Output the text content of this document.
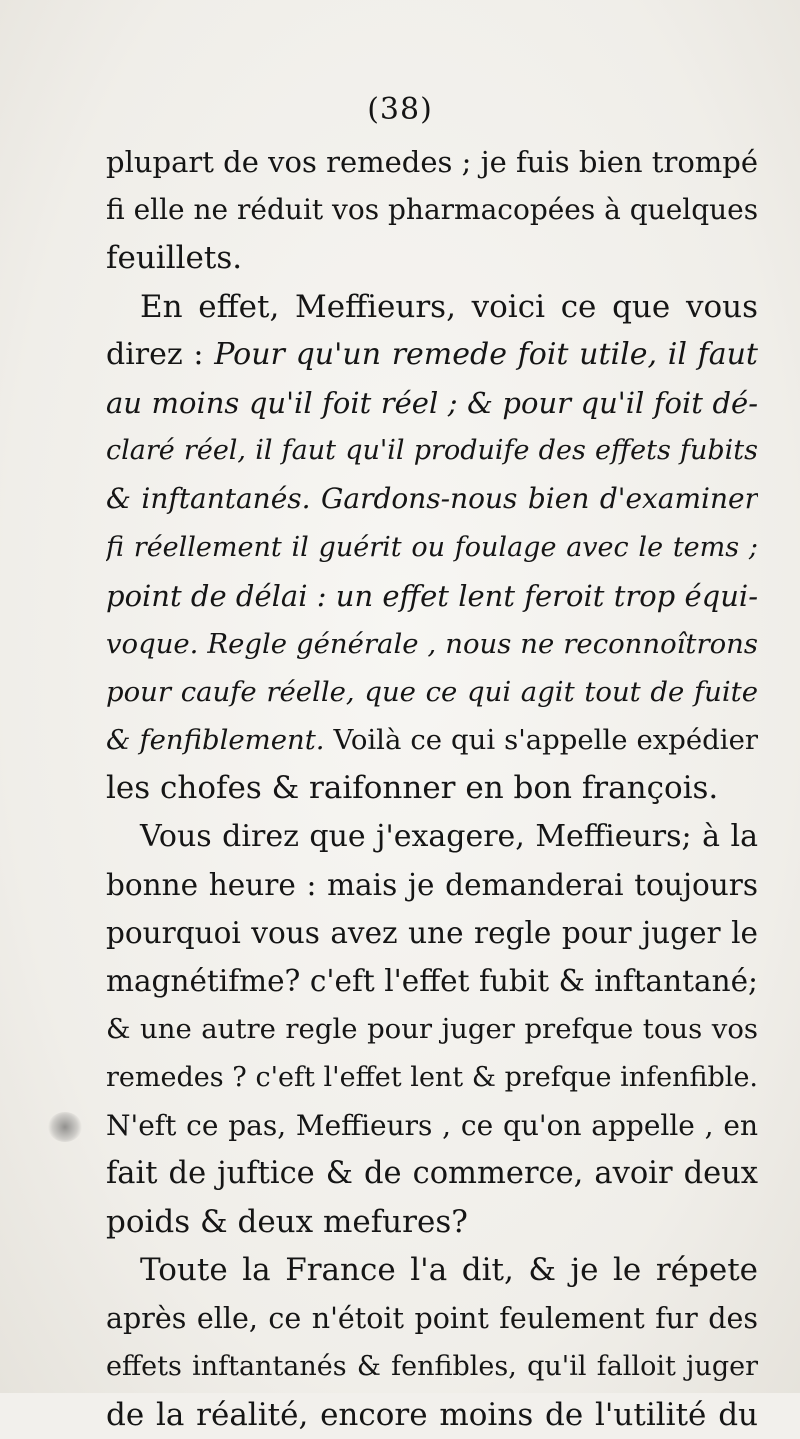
(38)
plupart de vos remedes ; je fuis bien trompé
fi elle ne réduit vos pharmacopées à quelques
feuillets.
En effet, Meffieurs, voici ce que vous
direz : Pour qu'un remede foit utile, il faut
au moins qu'il foit réel ; & pour qu'il foit dé-
claré réel, il faut qu'il produife des effets fubits
& inftantanés. Gardons-nous bien d'examiner
fi réellement il guérit ou foulage avec le tems ;
point de délai : un effet lent feroit trop équi-
voque. Regle générale , nous ne reconnoîtrons
pour caufe réelle, que ce qui agit tout de fuite
& fenfiblement. Voilà ce qui s'appelle expédier
les chofes & raifonner en bon françois.
Vous direz que j'exagere, Meffieurs; à la
bonne heure : mais je demanderai toujours
pourquoi vous avez une regle pour juger le
magnétifme? c'eft l'effet fubit & inftantané;
& une autre regle pour juger prefque tous vos
remedes ? c'eft l'effet lent & prefque infenfible.
N'eft ce pas, Meffieurs , ce qu'on appelle , en
fait de juftice & de commerce, avoir deux
poids & deux mefures?
Toute la France l'a dit, & je le répete
après elle, ce n'étoit point feulement fur des
effets inftantanés & fenfibles, qu'il falloit juger
de la réalité, encore moins de l'utilité du
